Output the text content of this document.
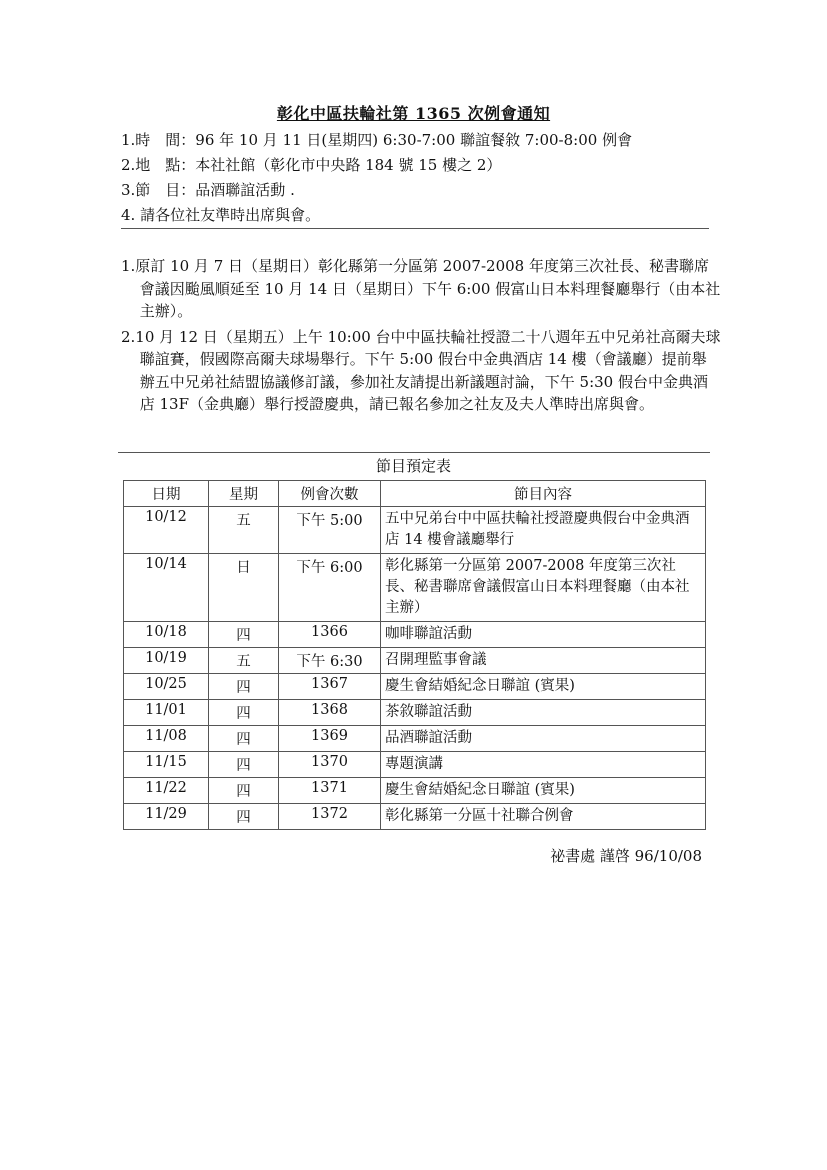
彰化中區扶輪社第 1365 次例會通知
1.時　間：96 年 10 月 11 日(星期四) 6:30-7:00 聯誼餐敘 7:00-8:00 例會
2.地　點：本社社館（彰化市中央路 184 號 15 樓之 2）
3.節　目：品酒聯誼活動 .
4. 請各位社友準時出席與會。
1.原訂 10 月 7 日（星期日）彰化縣第一分區第 2007-2008 年度第三次社長、秘書聯席會議因颱風順延至 10 月 14 日（星期日）下午 6:00 假富山日本料理餐廳舉行（由本社主辦）。
2.10 月 12 日（星期五）上午 10:00 台中中區扶輪社授證二十八週年五中兄弟社高爾夫球聯誼賽，假國際高爾夫球場舉行。下午 5:00 假台中金典酒店 14 樓（會議廳）提前舉辦五中兄弟社結盟協議修訂議，參加社友請提出新議題討論，下午 5:30 假台中金典酒店 13F（金典廳）舉行授證慶典，請已報名參加之社友及夫人準時出席與會。
節目預定表
日期	星期	例會次數	節目內容
10/12	五	下午 5:00	五中兄弟台中中區扶輪社授證慶典假台中金典酒店 14 樓會議廳舉行
10/14	日	下午 6:00	彰化縣第一分區第 2007-2008 年度第三次社長、秘書聯席會議假富山日本料理餐廳（由本社主辦）
10/18	四	1366	咖啡聯誼活動
10/19	五	下午 6:30	召開理監事會議
10/25	四	1367	慶生會結婚紀念日聯誼 (賓果)
11/01	四	1368	茶敘聯誼活動
11/08	四	1369	品酒聯誼活動
11/15	四	1370	專題演講
11/22	四	1371	慶生會結婚紀念日聯誼 (賓果)
11/29	四	1372	彰化縣第一分區十社聯合例會
祕書處 謹啓 96/10/08
